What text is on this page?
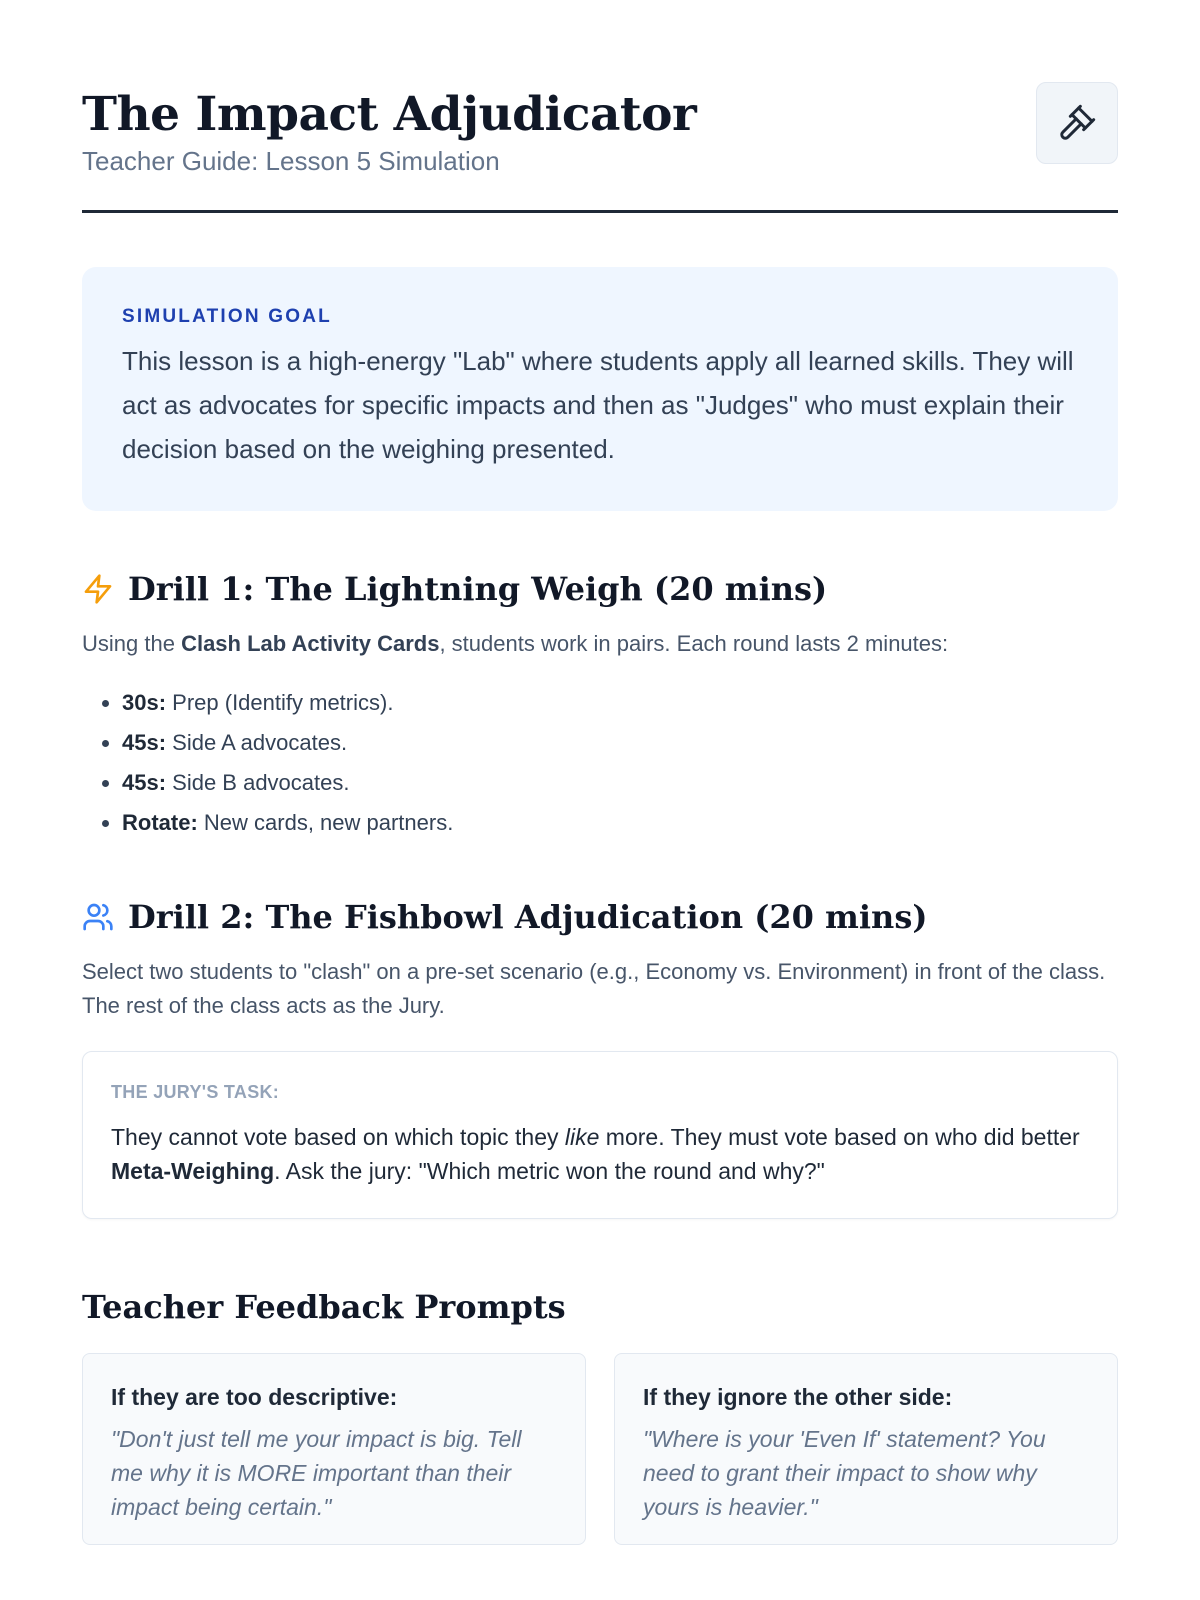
The Impact Adjudicator
Teacher Guide: Lesson 5 Simulation
SIMULATION GOAL
This lesson is a high-energy "Lab" where students apply all learned skills. They will act as advocates for specific impacts and then as "Judges" who must explain their decision based on the weighing presented.
Drill 1: The Lightning Weigh (20 mins)
Using the Clash Lab Activity Cards, students work in pairs. Each round lasts 2 minutes:
• 30s: Prep (Identify metrics).
• 45s: Side A advocates.
• 45s: Side B advocates.
• Rotate: New cards, new partners.
Drill 2: The Fishbowl Adjudication (20 mins)
Select two students to "clash" on a pre-set scenario (e.g., Economy vs. Environment) in front of the class. The rest of the class acts as the Jury.
THE JURY'S TASK:
They cannot vote based on which topic they like more. They must vote based on who did better Meta-Weighing. Ask the jury: "Which metric won the round and why?"
Teacher Feedback Prompts
If they are too descriptive:
"Don't just tell me your impact is big. Tell me why it is MORE important than their impact being certain."
If they ignore the other side:
"Where is your 'Even If' statement? You need to grant their impact to show why yours is heavier."
